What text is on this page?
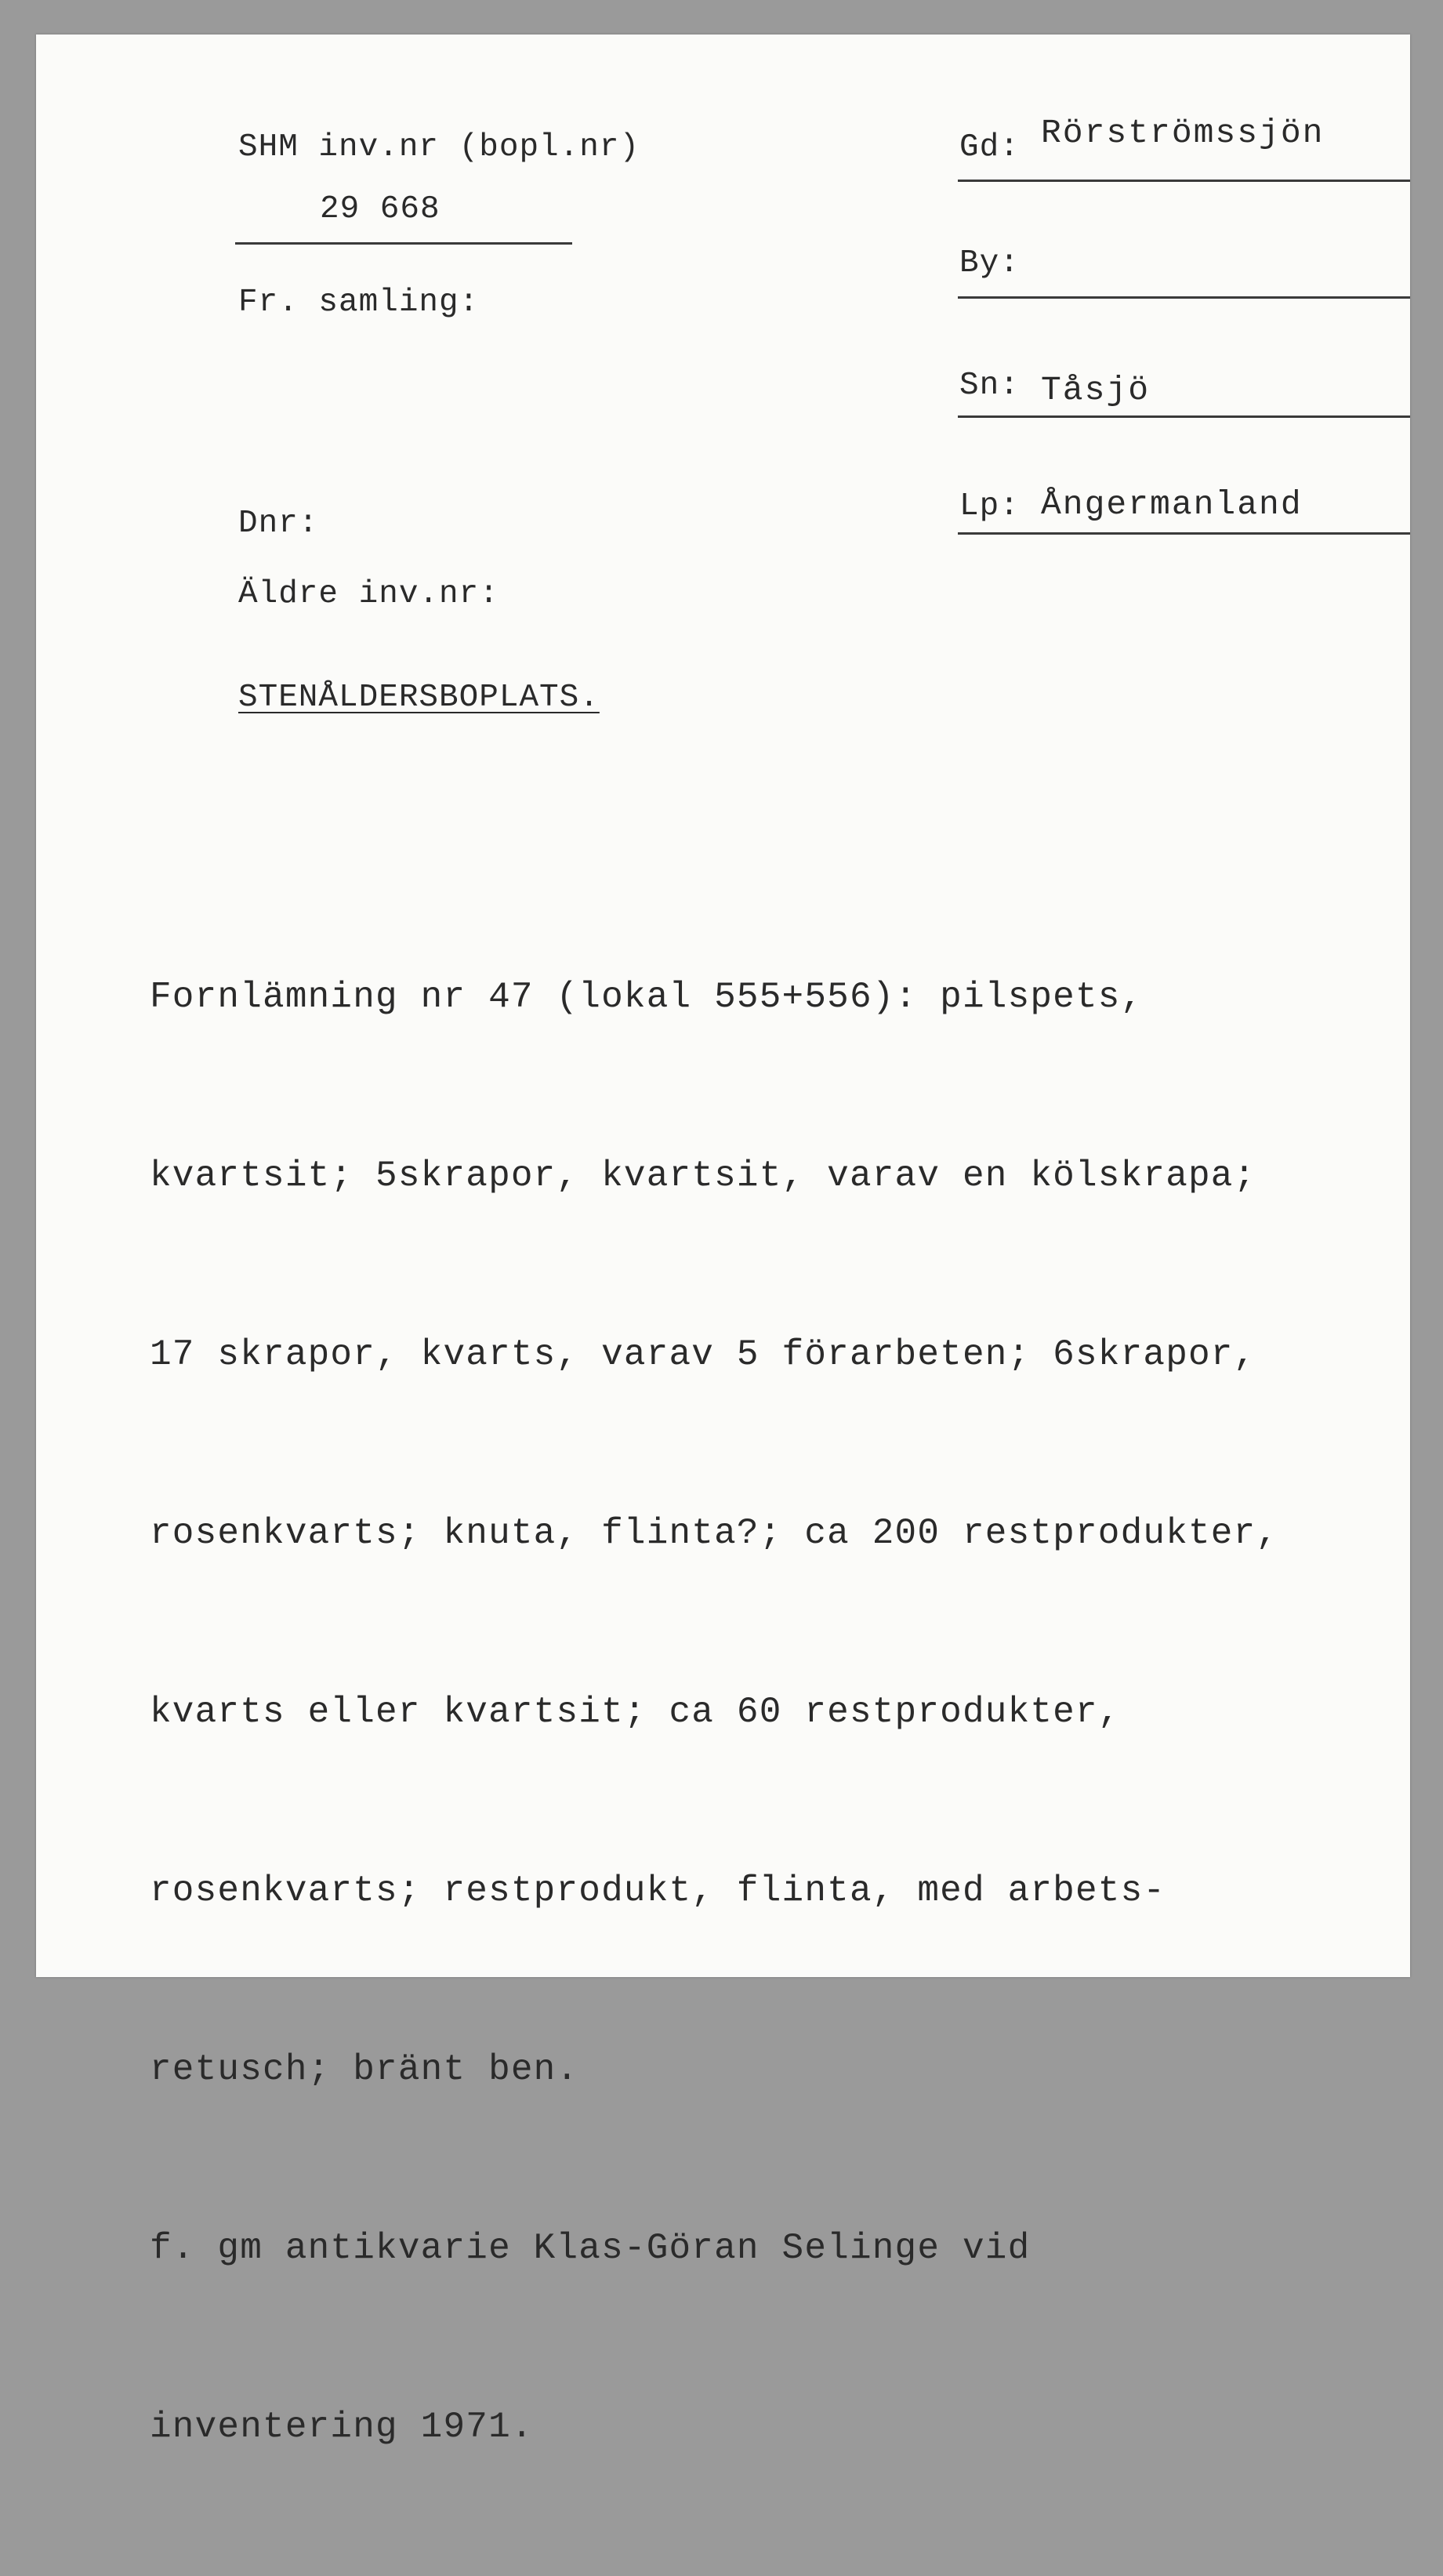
SHM inv.nr (bopl.nr)
29 668
Fr. samling:
Dnr:
Äldre inv.nr:
Gd: Rörströmssjön
By:
Sn: Tåsjö
Lp: Ångermanland
STENÅLDERSBOPLATS.

Fornlämning nr 47 (lokal 555+556): pilspets,

kvartsit; 5skrapor, kvartsit, varav en kölskrapa;

17 skrapor, kvarts, varav 5 förarbeten; 6skrapor,

rosenkvarts; knuta, flinta?; ca 200 restprodukter,

kvarts eller kvartsit; ca 60 restprodukter,

rosenkvarts; restprodukt, flinta, med arbets-

retusch; bränt ben.

f. gm antikvarie Klas-Göran Selinge vid

inventering 1971.
